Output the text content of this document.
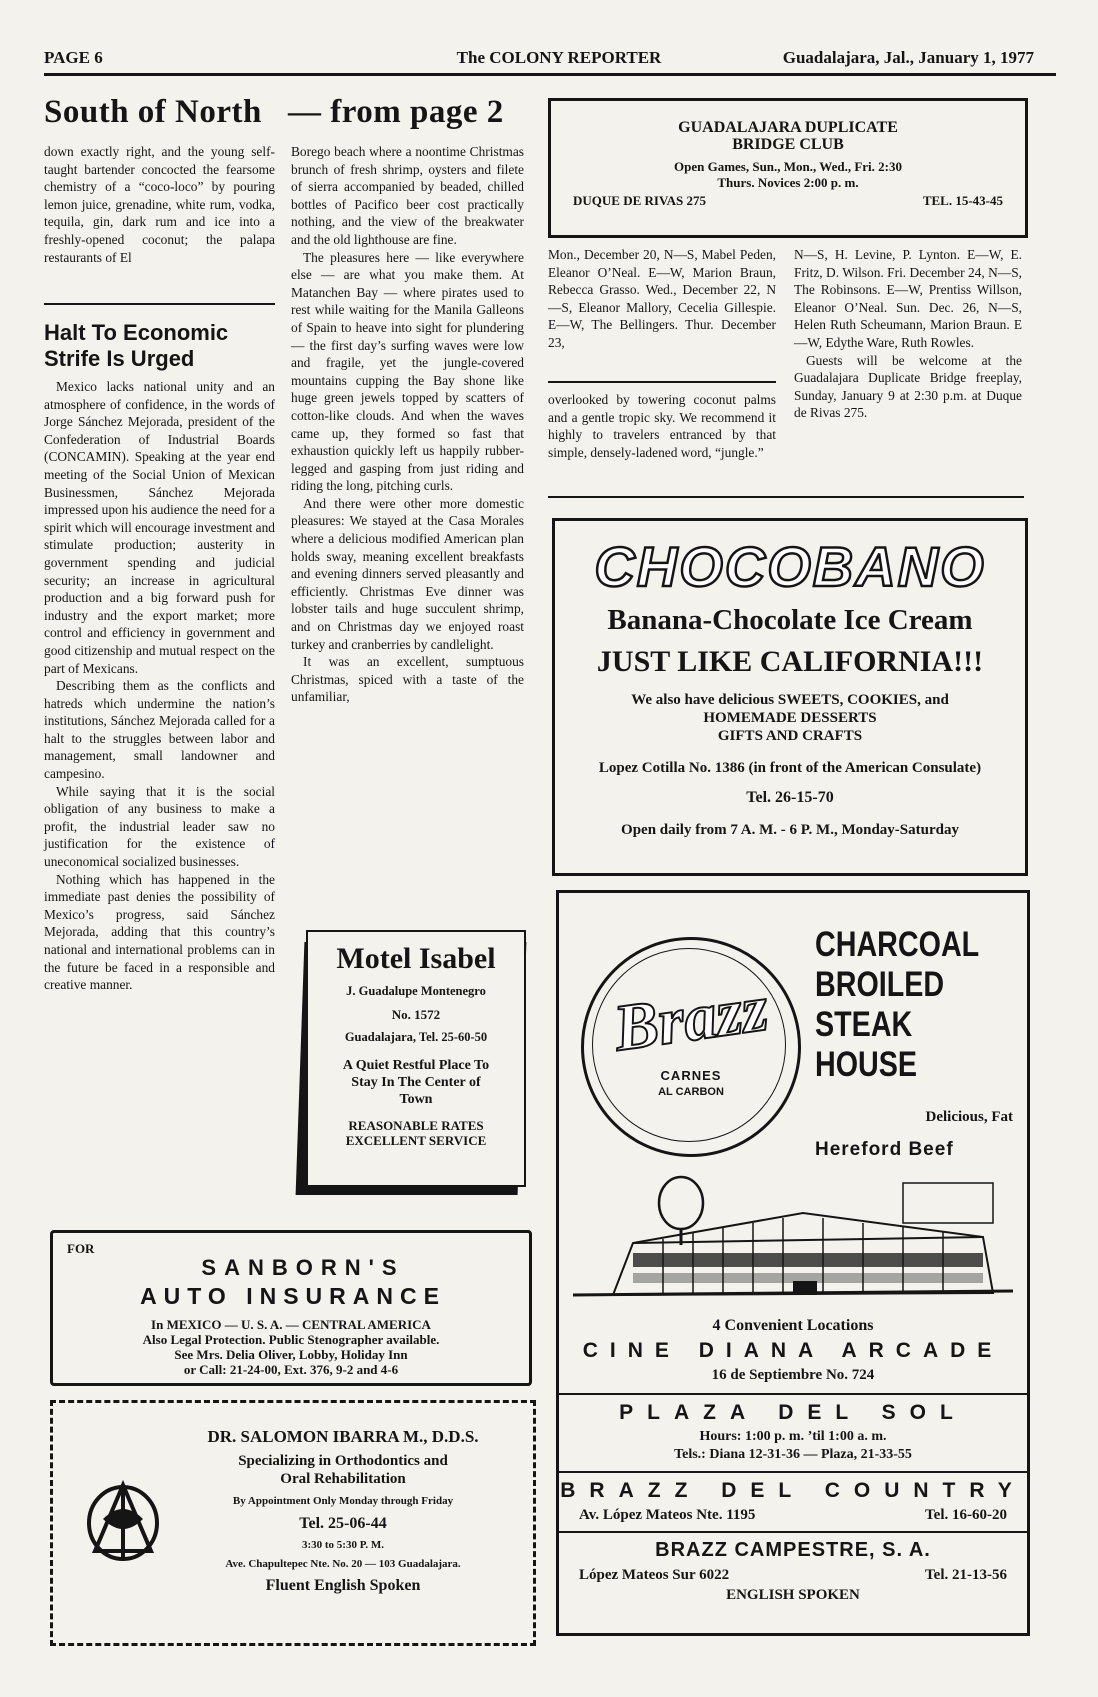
PAGE 6	The COLONY REPORTER	Guadalajara, Jal., January 1, 1977
South of North — from page 2

down exactly right, and the young self-taught bartender concocted the fearsome chemistry of a “coco-loco” by pouring lemon juice, grenadine, white rum, vodka, tequila, gin, dark rum and ice into a freshly-opened coconut; the palapa restaurants of El

Borego beach where a noontime Christmas brunch of fresh shrimp, oysters and filete of sierra accompanied by beaded, chilled bottles of Pacifico beer cost practically nothing, and the view of the breakwater and the old lighthouse are fine.

The pleasures here — like everywhere else — are what you make them. At Matanchen Bay — where pirates used to rest while waiting for the Manila Galleons of Spain to heave into sight for plundering — the first day’s surfing waves were low and fragile, yet the jungle-covered mountains cupping the Bay shone like huge green jewels topped by scatters of cotton-like clouds. And when the waves came up, they formed so fast that exhaustion quickly left us happily rubber-legged and gasping from just riding and riding the long, pitching curls.

And there were other more domestic pleasures: We stayed at the Casa Morales where a delicious modified American plan holds sway, meaning excellent breakfasts and evening dinners served pleasantly and efficiently. Christmas Eve dinner was lobster tails and huge succulent shrimp, and on Christmas day we enjoyed roast turkey and cranberries by candlelight.

It was an excellent, sumptuous Christmas, spiced with a taste of the unfamiliar,

Halt To Economic Strife Is Urged

Mexico lacks national unity and an atmosphere of confidence, in the words of Jorge Sánchez Mejorada, president of the Confederation of Industrial Boards (CONCAMIN). Speaking at the year end meeting of the Social Union of Mexican Businessmen, Sánchez Mejorada impressed upon his audience the need for a spirit which will encourage investment and stimulate production; austerity in government spending and judicial security; an increase in agricultural production and a big forward push for industry and the export market; more control and efficiency in government and good citizenship and mutual respect on the part of Mexicans.

Describing them as the conflicts and hatreds which undermine the nation’s institutions, Sánchez Mejorada called for a halt to the struggles between labor and management, small landowner and campesino.

While saying that it is the social obligation of any business to make a profit, the industrial leader saw no justification for the existence of uneconomical socialized businesses.

Nothing which has happened in the immediate past denies the possibility of Mexico’s progress, said Sánchez Mejorada, adding that this country’s national and international problems can in the future be faced in a responsible and creative manner.

GUADALAJARA DUPLICATE
BRIDGE CLUB
Open Games, Sun., Mon., Wed., Fri. 2:30
Thurs. Novices 2:00 p. m.
DUQUE DE RIVAS 275	TEL. 15-43-45

Mon., December 20, N—S, Mabel Peden, Eleanor O’Neal. E—W, Marion Braun, Rebecca Grasso. Wed., December 22, N—S, Eleanor Mallory, Cecelia Gillespie. E—W, The Bellingers. Thur. December 23,

overlooked by towering coconut palms and a gentle tropic sky. We recommend it highly to travelers entranced by that simple, densely-ladened word, “jungle.”

N—S, H. Levine, P. Lynton. E—W, E. Fritz, D. Wilson. Fri. December 24, N—S, The Robinsons. E—W, Prentiss Willson, Eleanor O’Neal. Sun. Dec. 26, N—S, Helen Ruth Scheumann, Marion Braun. E—W, Edythe Ware, Ruth Rowles.

Guests will be welcome at the Guadalajara Duplicate Bridge freeplay, Sunday, January 9 at 2:30 p.m. at Duque de Rivas 275.

CHOCOBANO
Banana-Chocolate Ice Cream
JUST LIKE CALIFORNIA!!!
We also have delicious SWEETS, COOKIES, and HOMEMADE DESSERTS
GIFTS AND CRAFTS
Lopez Cotilla No. 1386 (in front of the American Consulate)
Tel. 26-15-70
Open daily from 7 A. M. - 6 P. M., Monday-Saturday
Motel Isabel
J. Guadalupe Montenegro
No. 1572
Guadalajara, Tel. 25-60-50
A Quiet Restful Place To Stay In The Center of Town
REASONABLE RATES
EXCELLENT SERVICE
Brazz
CARNES
AL CARBON
CHARCOAL BROILED STEAK HOUSE
Delicious, Fat
Hereford Beef
4 Convenient Locations
CINE DIANA ARCADE
16 de Septiembre No. 724
PLAZA DEL SOL
Hours: 1:00 p. m. ’til 1:00 a. m.
Tels.: Diana 12-31-36 — Plaza, 21-33-55
BRAZZ DEL COUNTRY
Av. López Mateos Nte. 1195	Tel. 16-60-20
BRAZZ CAMPESTRE, S. A.
López Mateos Sur 6022	Tel. 21-13-56
ENGLISH SPOKEN
FOR
SANBORN'S
AUTO INSURANCE
In MEXICO — U. S. A. — CENTRAL AMERICA
Also Legal Protection. Public Stenographer available.
See Mrs. Delia Oliver, Lobby, Holiday Inn
or Call: 21-24-00, Ext. 376, 9-2 and 4-6
DR. SALOMON IBARRA M., D.D.S.
Specializing in Orthodontics and
Oral Rehabilitation
By Appointment Only Monday through Friday
Tel. 25-06-44
3:30 to 5:30 P. M.
Ave. Chapultepec Nte. No. 20 — 103 Guadalajara.
Fluent English Spoken
